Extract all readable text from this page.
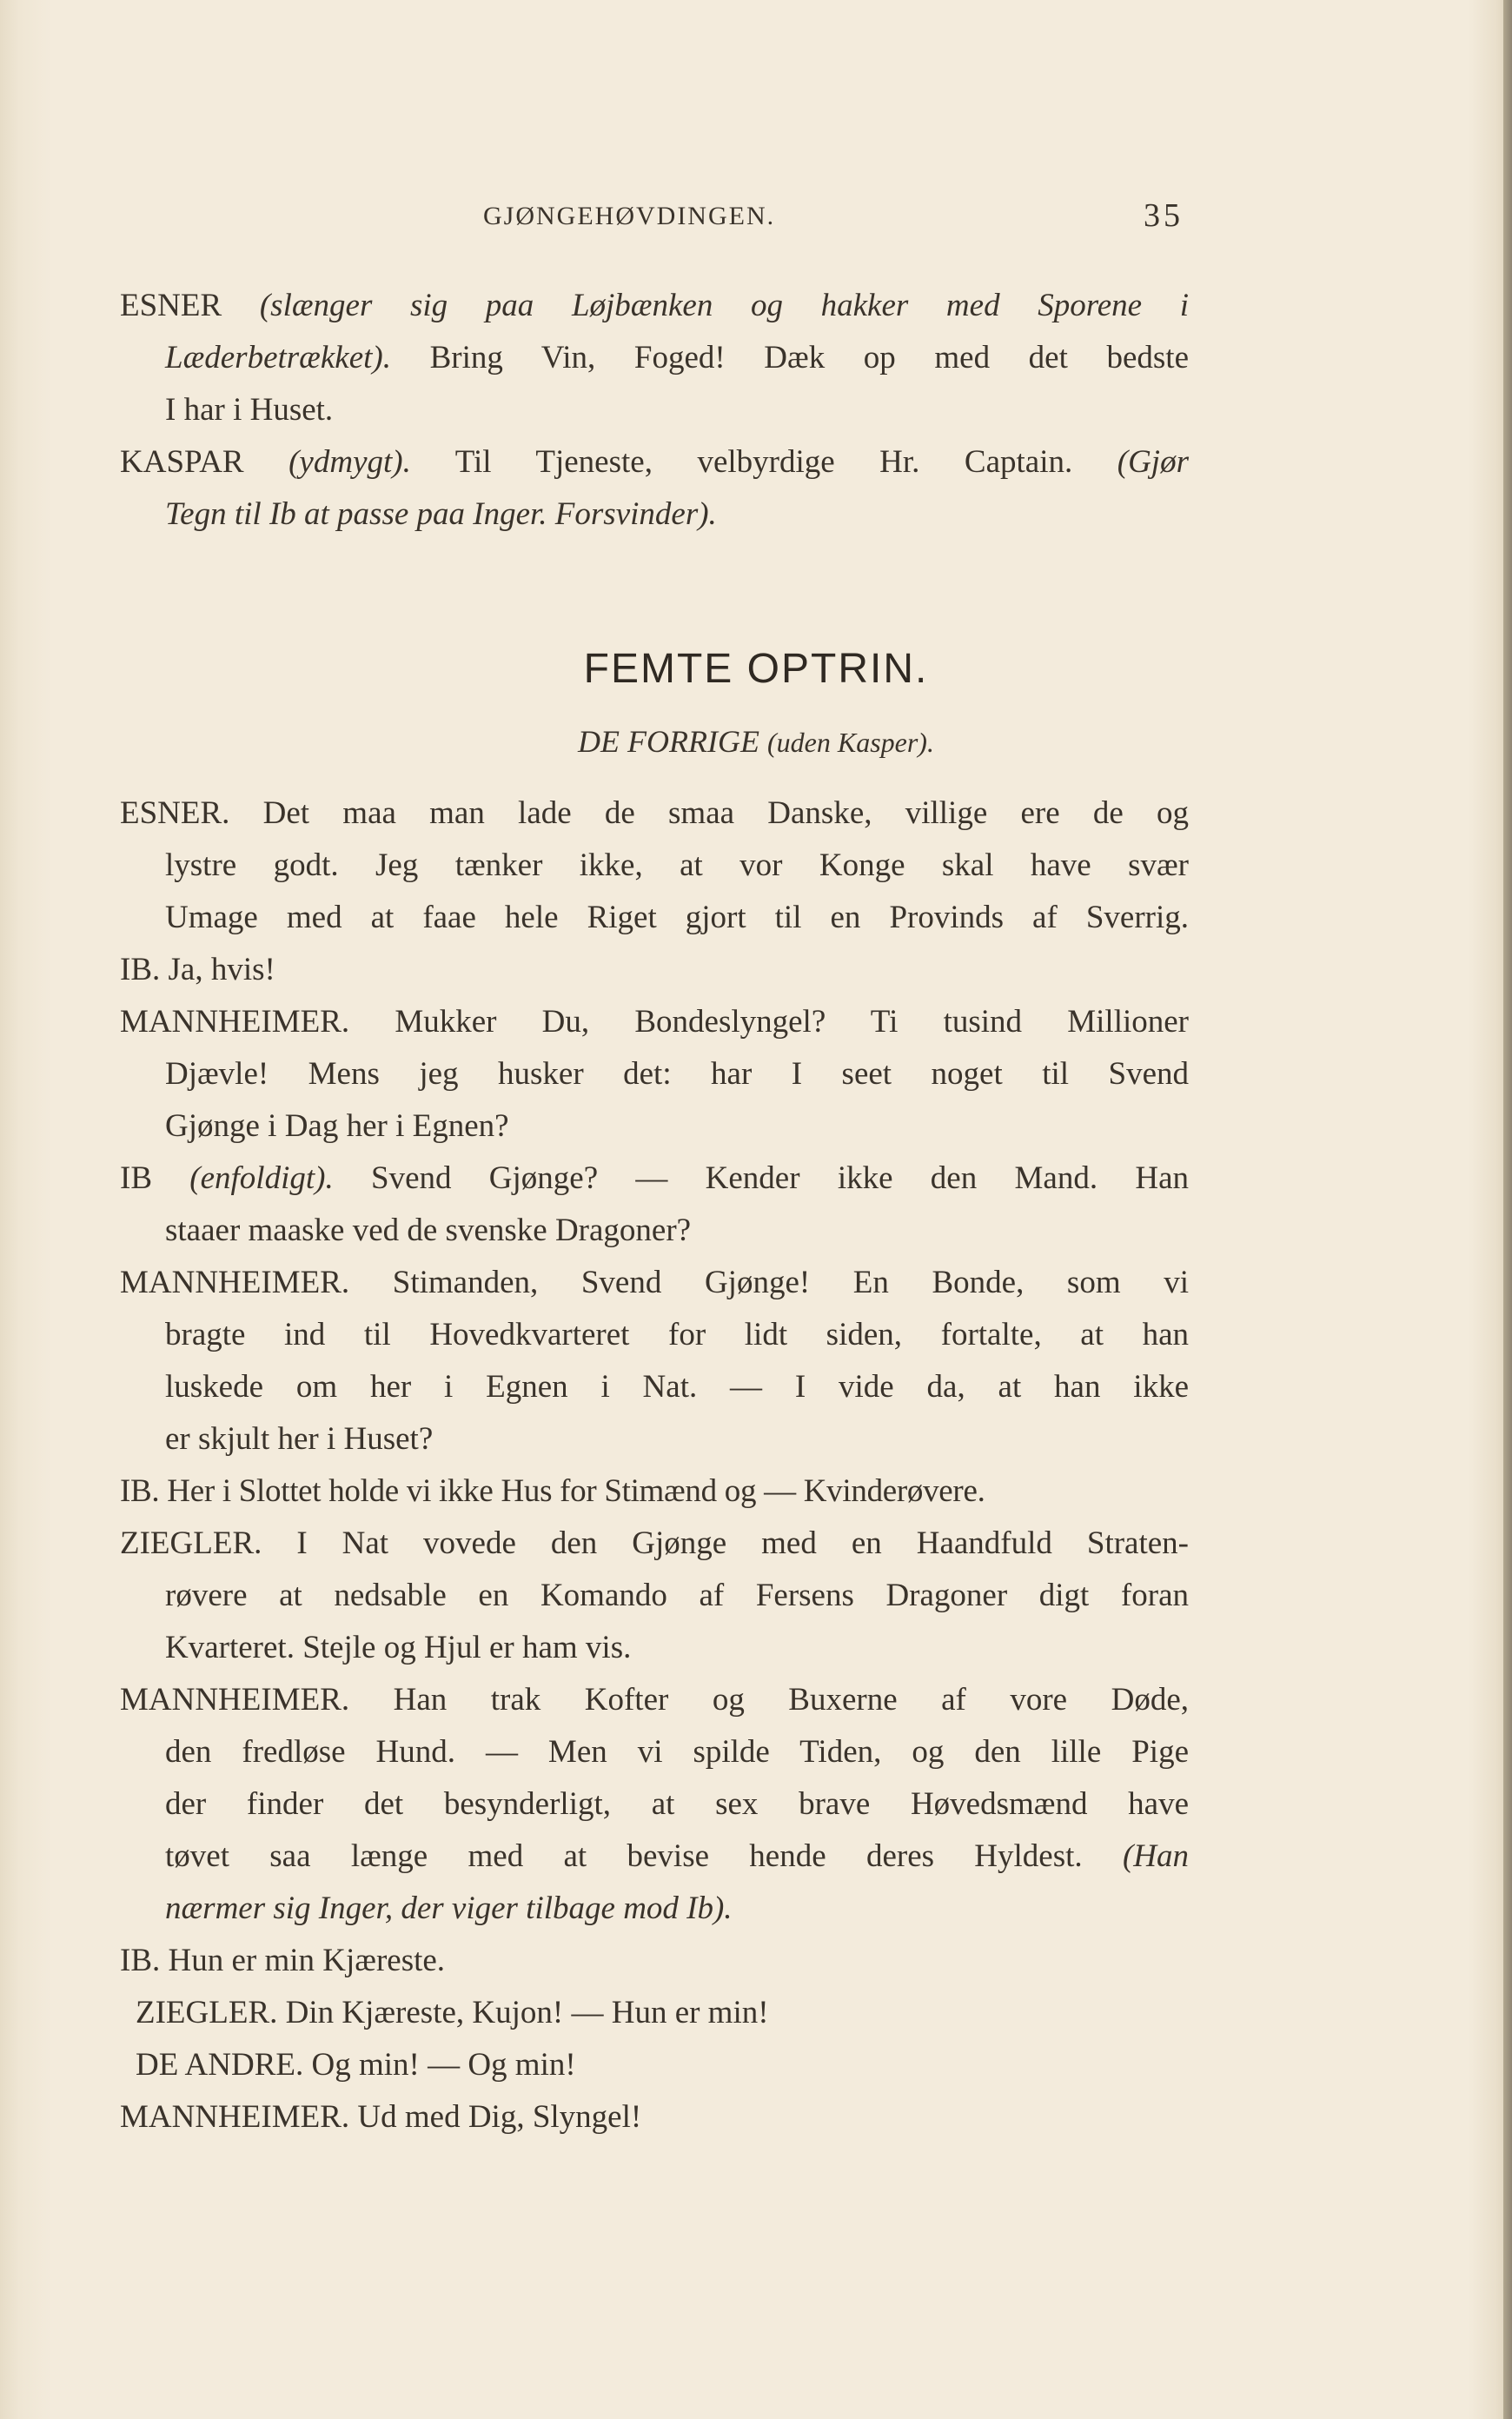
GJØNGEHØVDINGEN.	35
ESNER (slænger sig paa Løjbænken og hakker med Sporene i
Læderbetrækket). Bring Vin, Foged! Dæk op med det bedste
I har i Huset.
KASPAR (ydmygt). Til Tjeneste, velbyrdige Hr. Captain. (Gjør
Tegn til Ib at passe paa Inger. Forsvinder).
FEMTE OPTRIN.
DE FORRIGE (uden Kasper).
ESNER. Det maa man lade de smaa Danske, villige ere de og
lystre godt. Jeg tænker ikke, at vor Konge skal have svær
Umage med at faae hele Riget gjort til en Provinds af Sverrig.
IB. Ja, hvis!
MANNHEIMER. Mukker Du, Bondeslyngel? Ti tusind Millioner
Djævle! Mens jeg husker det: har I seet noget til Svend
Gjønge i Dag her i Egnen?
IB (enfoldigt). Svend Gjønge? — Kender ikke den Mand. Han
staaer maaske ved de svenske Dragoner?
MANNHEIMER. Stimanden, Svend Gjønge! En Bonde, som vi
bragte ind til Hovedkvarteret for lidt siden, fortalte, at han
luskede om her i Egnen i Nat. — I vide da, at han ikke
er skjult her i Huset?
IB. Her i Slottet holde vi ikke Hus for Stimænd og — Kvinderøvere.
ZIEGLER. I Nat vovede den Gjønge med en Haandfuld Straten-
røvere at nedsable en Komando af Fersens Dragoner digt foran
Kvarteret. Stejle og Hjul er ham vis.
MANNHEIMER. Han trak Kofter og Buxerne af vore Døde,
den fredløse Hund. — Men vi spilde Tiden, og den lille Pige
der finder det besynderligt, at sex brave Høvedsmænd have
tøvet saa længe med at bevise hende deres Hyldest. (Han
nærmer sig Inger, der viger tilbage mod Ib).
IB. Hun er min Kjæreste.
ZIEGLER. Din Kjæreste, Kujon! — Hun er min!
DE ANDRE. Og min! — Og min!
MANNHEIMER. Ud med Dig, Slyngel!
